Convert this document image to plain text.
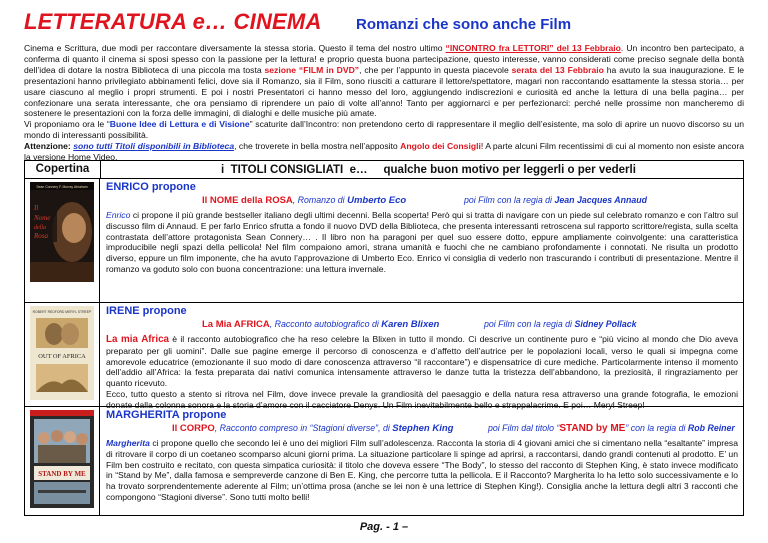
LETTERATURA e… CINEMA Romanzi che sono anche Film

Cinema e Scrittura, due modi per raccontare diversamente la stessa storia. Questo il tema del nostro ultimo “INCONTRO fra LETTORI” del 13 Febbraio. Un incontro ben partecipato, a conferma di quanto il cinema si sposi spesso con la passione per la lettura! e proprio questa buona partecipazione, questo interesse, vanno considerati come preciso segnale della bontà dell’idea di dotare la nostra Biblioteca di una piccola ma tosta sezione “FILM in DVD”, che per l’appunto in questa piacevole serata del 13 Febbraio ha avuto la sua inaugurazione. E le presentazioni hanno privilegiato abbinamenti felici, dove sia il Romanzo, sia il Film, sono riusciti a catturare il lettore/spettatore, magari non raccontando esattamente la stessa storia… per usare ciascuno al meglio i propri strumenti. E poi i nostri Presentatori ci hanno messo del loro, aggiungendo indiscrezioni e curiosità ed anche la lettura di una bella pagina… per confezionare una serata interessante, che ora pensiamo di riprendere un paio di volte all’anno! Tanto per aggiornarci e per perfezionarci: perché nelle prossime non mancheremo di sostenere le presentazioni con la forza delle immagini, di dialoghi e delle musiche più amate.

Vi proponiamo ora le “Buone Idee di Lettura e di Visione” scaturite dall’Incontro: non pretendono certo di rappresentare il meglio dell’esistente, ma solo di aprire un nuovo discorso su un mondo di interessanti possibilità.

Attenzione: sono tutti Titoli disponibili in Biblioteca, che troverete in bella mostra nell’apposito Angolo dei Consigli! A parte alcuni Film recentissimi di cui al momento non esiste ancora la versione Home Video.

Copertina	i  TITOLI CONSIGLIATI  e…     qualche buon motivo per leggerli o per vederli
Sean Connery F. Murray Abraham
Il
Nome
della
Rosa
ENRICO propone
Il NOME della ROSA, Romanzo di Umberto Eco	poi Film con la regia di Jean Jacques Annaud
Enrico ci propone il più grande bestseller italiano degli ultimi decenni. Bella scoperta! Però qui si tratta di navigare con un piede sul celebrato romanzo e con l’altro sul discusso film di Annaud. E per farlo Enrico sfrutta a fondo il nuovo DVD della Biblioteca, che presenta interessanti retroscena sul rapporto scrittore/regista, sulla scelta contrastata dell’attore protagonista Sean Connery… . Il libro non ha paragoni per quel suo essere dotto, eppure ampliamente coinvolgente: una caratteristica improducibile negli spazi della pellicola! Nel film compaiono amori, strana umanità e fuochi che ne cambiano profondamente i connotati. Ne risulta un prodotto diverso, eppure un film imponente, che ha avuto l’approvazione di Umberto Eco. Enrico vi consiglia di vederlo non trascurando i contributi di presentazione. Mentre il romanzo va goduto solo con buona concentrazione: una lettura invernale.
ROBERT REDFORD MERYL STREEP
OUT OF AFRICA
IRENE propone
La Mia AFRICA, Racconto autobiografico di Karen Blixen	poi Film con la regia di Sidney Pollack
La mia Africa è il racconto autobiografico che ha reso celebre la Blixen in tutto il mondo. Ci descrive un continente puro e “più vicino al mondo che Dio aveva preparato per gli uomini”. Dalle sue pagine emerge il percorso di conoscenza e d’affetto dell’autrice per le popolazioni locali, verso le quali si impegna come amorevole educatrice (emozionante il suo modo di dare conoscenza attraverso “il raccontare”) e dispensatrice di cure mediche. Particolarmente intenso il momento dell’addio all’Africa: la festa preparata dai nativi comunica intensamente attraverso le danze tutta la tristezza dell’abbandono, la preziosità, il ringraziamento per quanto ricevuto.
Ecco, tutto questo a stento si ritrova nel Film, dove invece prevale la grandiosità del paesaggio e della natura resa attraverso una grande fotografia, le emozioni donate dalla colonna sonora e la storia d’amore con il cacciatore Denys. Un Film inevitabilmente bello e strappalacrime. E poi… Meryl Streep!
STAND BY ME
MARGHERITA propone
Il CORPO, Racconto compreso in “Stagioni diverse”, di Stephen King	poi Film dal titolo “STAND by ME” con la regia di Rob Reiner
Margherita ci propone quello che secondo lei è uno dei migliori Film sull’adolescenza. Racconta la storia di 4 giovani amici che si cimentano nella “esaltante” impresa di ritrovare il corpo di un coetaneo scomparso alcuni giorni prima. La situazione particolare li spinge ad aprirsi, a raccontarsi, dando grandi contenuti al prodotto. E’ un Film ben costruito e recitato, con questa simpatica curiosità: il titolo che doveva essere “The Body”, lo stesso del racconto di Stephen King, è stato invece modificato in “Stand by Me”, dalla famosa e sempreverde canzone di Ben E. King, che percorre tutta la pellicola. E il Racconto? Margherita lo ha letto solo successivamente e lo ha trovato sorprendentemente aderente al Film; un’ottima prosa (anche se lei non è una lettrice di Stephen King!). Consiglia anche la lettura degli altri 3 racconti che compongono “Stagioni diverse”. Sono tutti molto belli!
Pag. - 1 –
